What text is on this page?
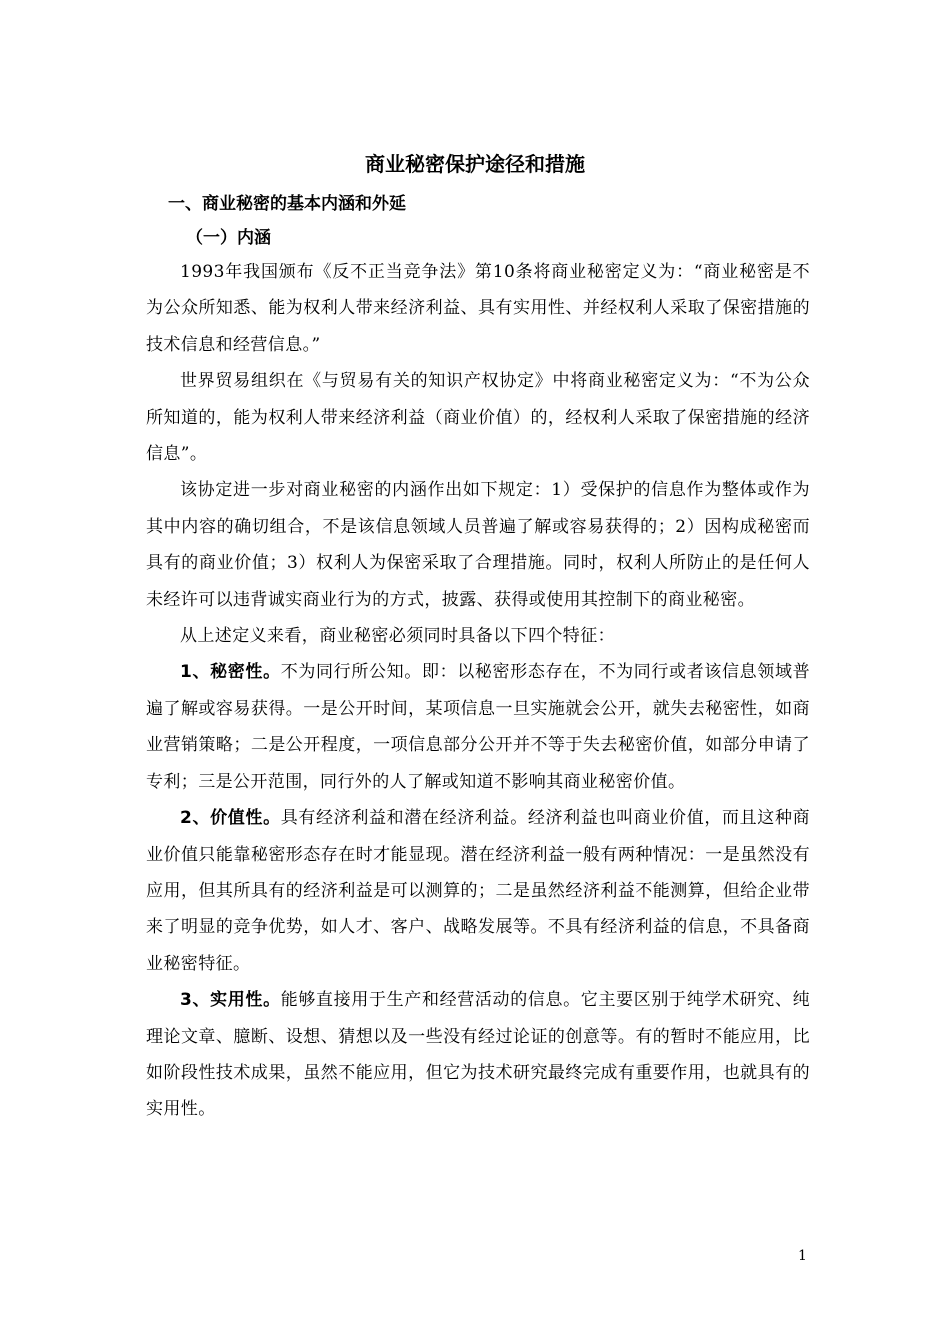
商业秘密保护途径和措施
一、商业秘密的基本内涵和外延
（一）内涵

1993年我国颁布《反不正当竞争法》第10条将商业秘密定义为：“商业秘密是不为公众所知悉、能为权利人带来经济利益、具有实用性、并经权利人采取了保密措施的技术信息和经营信息。”

世界贸易组织在《与贸易有关的知识产权协定》中将商业秘密定义为：“不为公众所知道的，能为权利人带来经济利益（商业价值）的，经权利人采取了保密措施的经济信息”。

该协定进一步对商业秘密的内涵作出如下规定：1）受保护的信息作为整体或作为其中内容的确切组合，不是该信息领域人员普遍了解或容易获得的；2）因构成秘密而具有的商业价值；3）权利人为保密采取了合理措施。同时，权利人所防止的是任何人未经许可以违背诚实商业行为的方式，披露、获得或使用其控制下的商业秘密。

从上述定义来看，商业秘密必须同时具备以下四个特征：

1、秘密性。不为同行所公知。即：以秘密形态存在，不为同行或者该信息领域普遍了解或容易获得。一是公开时间，某项信息一旦实施就会公开，就失去秘密性，如商业营销策略；二是公开程度，一项信息部分公开并不等于失去秘密价值，如部分申请了专利；三是公开范围，同行外的人了解或知道不影响其商业秘密价值。

2、价值性。具有经济利益和潜在经济利益。经济利益也叫商业价值，而且这种商业价值只能靠秘密形态存在时才能显现。潜在经济利益一般有两种情况：一是虽然没有应用，但其所具有的经济利益是可以测算的；二是虽然经济利益不能测算，但给企业带来了明显的竞争优势，如人才、客户、战略发展等。不具有经济利益的信息，不具备商业秘密特征。

3、实用性。能够直接用于生产和经营活动的信息。它主要区别于纯学术研究、纯理论文章、臆断、设想、猜想以及一些没有经过论证的创意等。有的暂时不能应用，比如阶段性技术成果，虽然不能应用，但它为技术研究最终完成有重要作用，也就具有的实用性。

1
